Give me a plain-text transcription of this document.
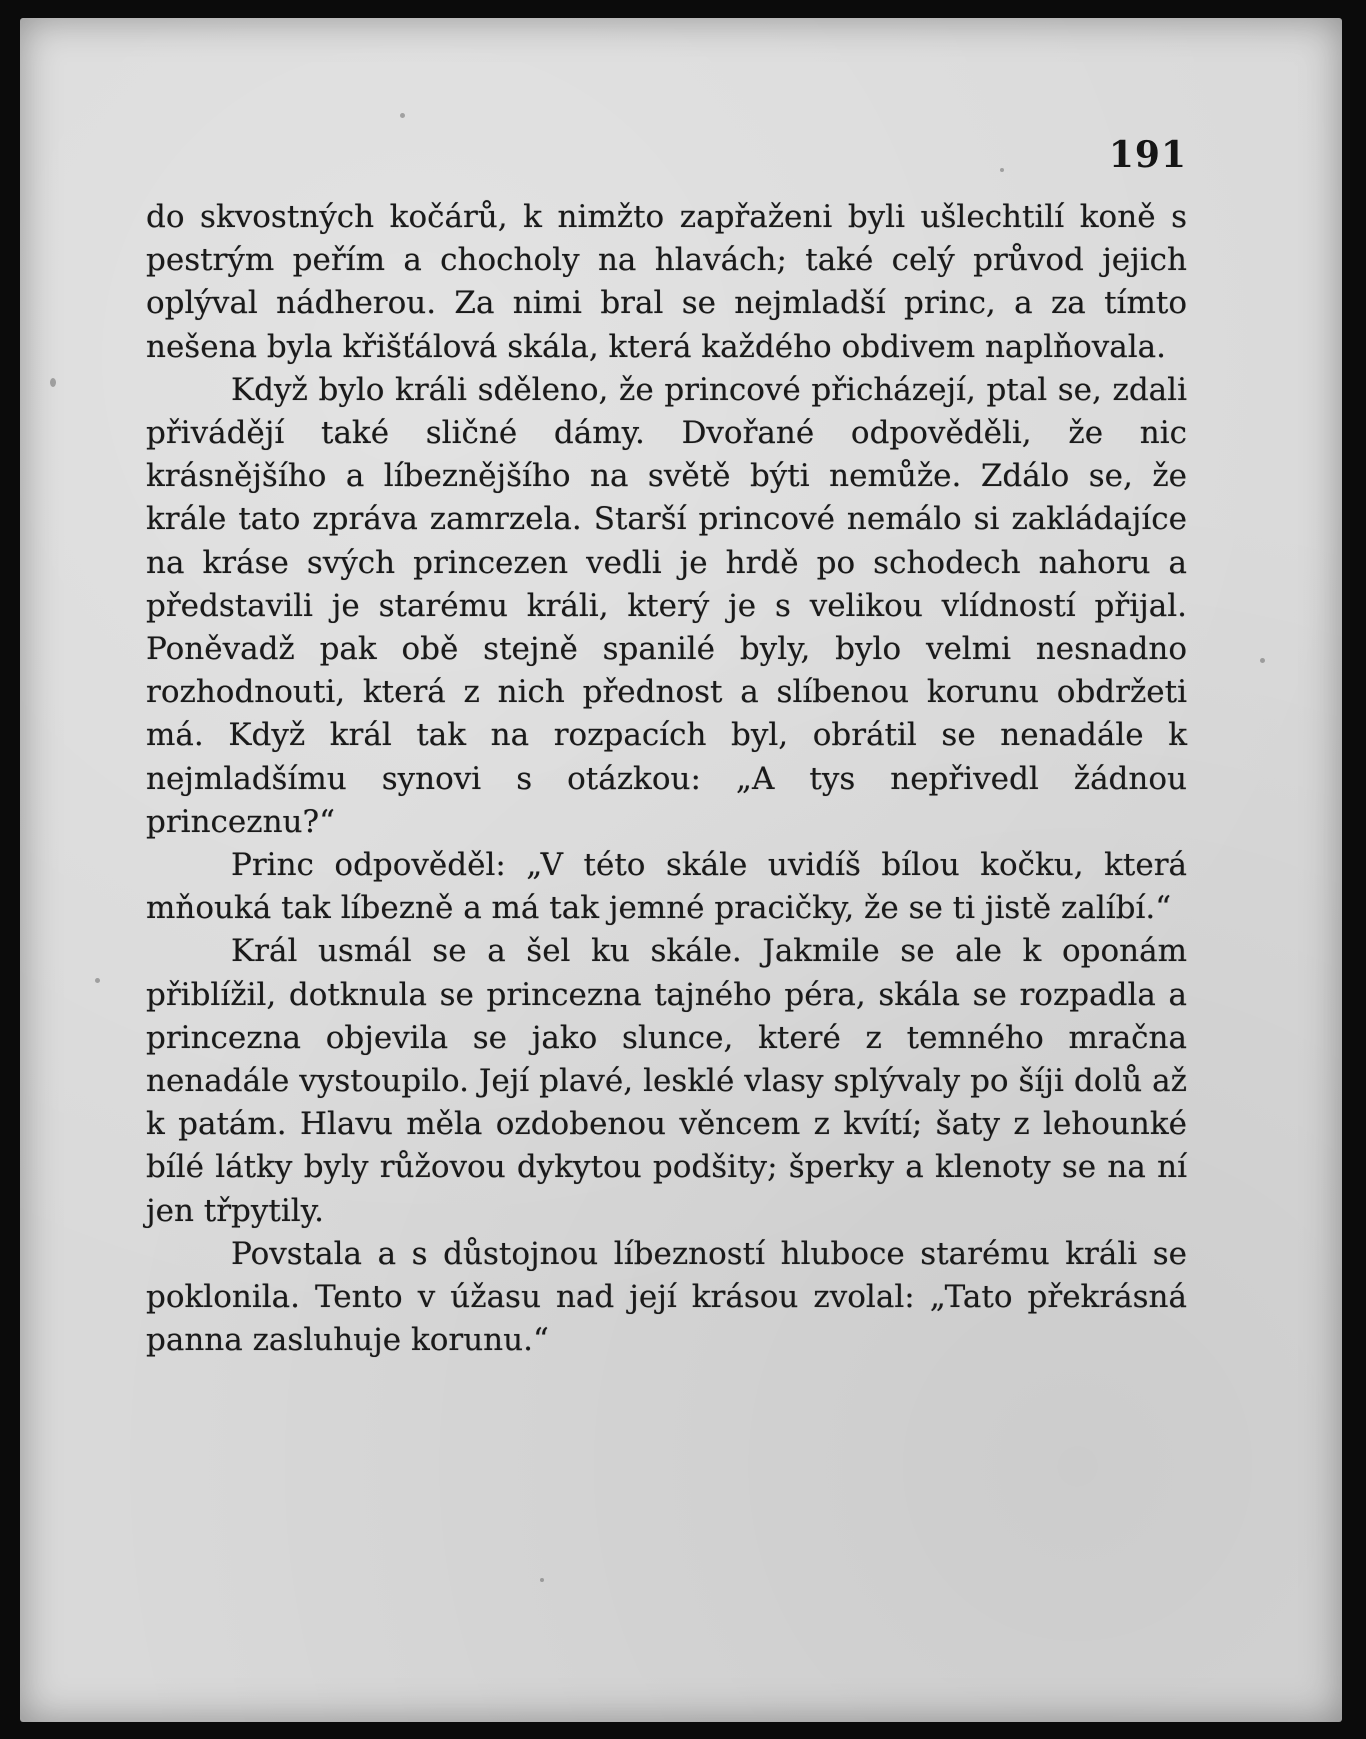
191

do skvostných kočárů, k nimžto zapřaženi byli ušlechtilí koně s pestrým peřím a chocholy na hlavách; také celý průvod jejich oplýval nádherou. Za nimi bral se nejmladší princ, a za tímto nešena byla křišťálová skála, která každého obdivem naplňovala.

Když bylo králi sděleno, že princové přicházejí, ptal se, zdali přivádějí také sličné dámy. Dvořané odpověděli, že nic krásnějšího a líbeznějšího na světě býti nemůže. Zdálo se, že krále tato zpráva zamrzela. Starší princové nemálo si zakládajíce na kráse svých princezen vedli je hrdě po schodech nahoru a představili je starému králi, který je s velikou vlídností přijal. Poněvadž pak obě stejně spanilé byly, bylo velmi nesnadno rozhodnouti, která z nich přednost a slíbenou korunu obdržeti má. Když král tak na rozpacích byl, obrátil se nenadále k nejmladšímu synovi s otázkou: „A tys nepřivedl žádnou princeznu?“

Princ odpověděl: „V této skále uvidíš bílou kočku, která mňouká tak líbezně a má tak jemné pracičky, že se ti jistě zalíbí.“

Král usmál se a šel ku skále. Jakmile se ale k oponám přiblížil, dotknula se princezna tajného péra, skála se rozpadla a princezna objevila se jako slunce, které z temného mračna nenadále vystoupilo. Její plavé, lesklé vlasy splývaly po šíji dolů až k patám. Hlavu měla ozdobenou věncem z kvítí; šaty z lehounké bílé látky byly růžovou dykytou podšity; šperky a klenoty se na ní jen třpytily.

Povstala a s důstojnou líbezností hluboce starému králi se poklonila. Tento v úžasu nad její krásou zvolal: „Tato překrásná panna zasluhuje korunu.“
